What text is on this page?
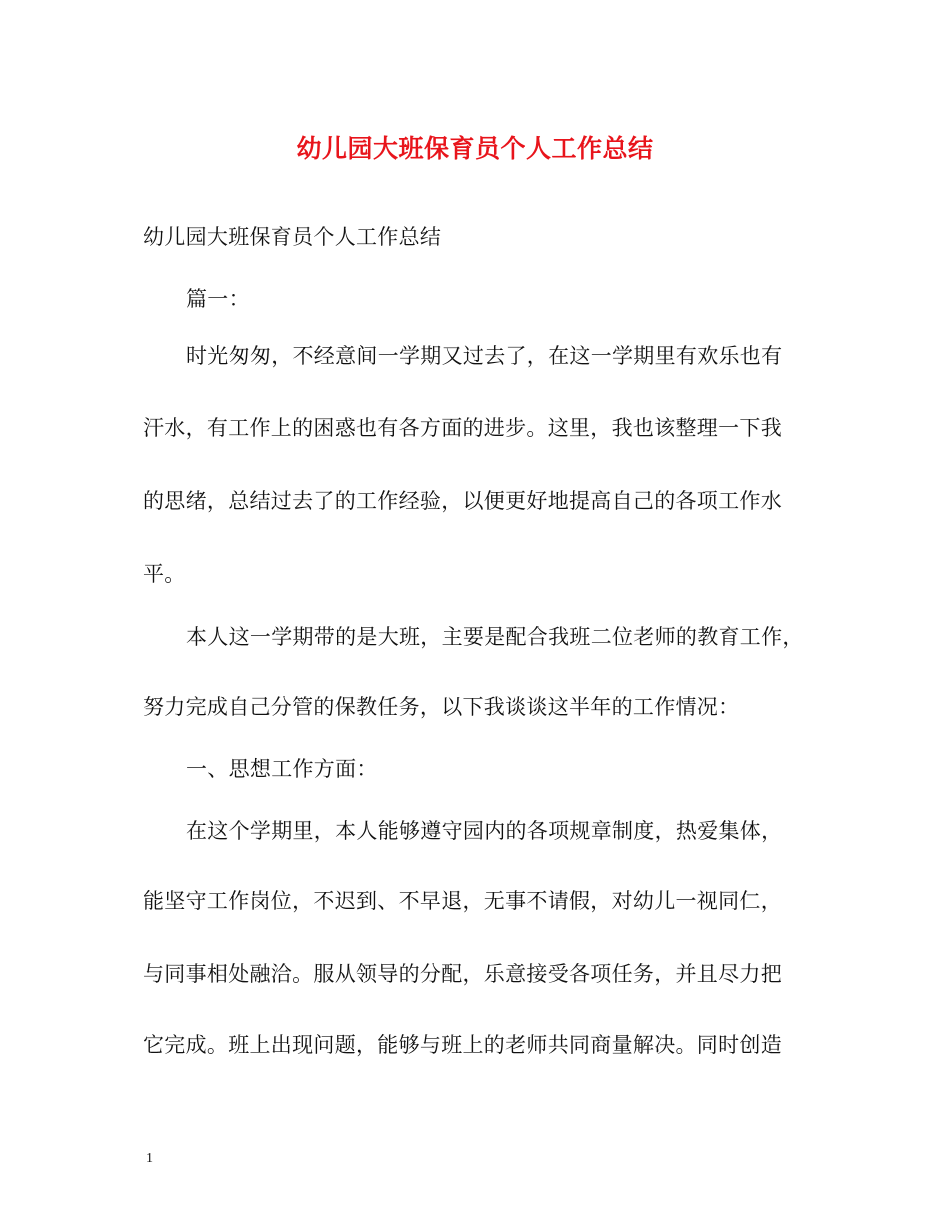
幼儿园大班保育员个人工作总结
幼儿园大班保育员个人工作总结
篇一：
时光匆匆，不经意间一学期又过去了，在这一学期里有欢乐也有
汗水，有工作上的困惑也有各方面的进步。这里，我也该整理一下我
的思绪，总结过去了的工作经验，以便更好地提高自己的各项工作水
平。
本人这一学期带的是大班，主要是配合我班二位老师的教育工作，
努力完成自己分管的保教任务，以下我谈谈这半年的工作情况：
一、思想工作方面：
在这个学期里，本人能够遵守园内的各项规章制度，热爱集体，
能坚守工作岗位，不迟到、不早退，无事不请假，对幼儿一视同仁，
与同事相处融洽。服从领导的分配，乐意接受各项任务，并且尽力把
它完成。班上出现问题，能够与班上的老师共同商量解决。同时创造
1
